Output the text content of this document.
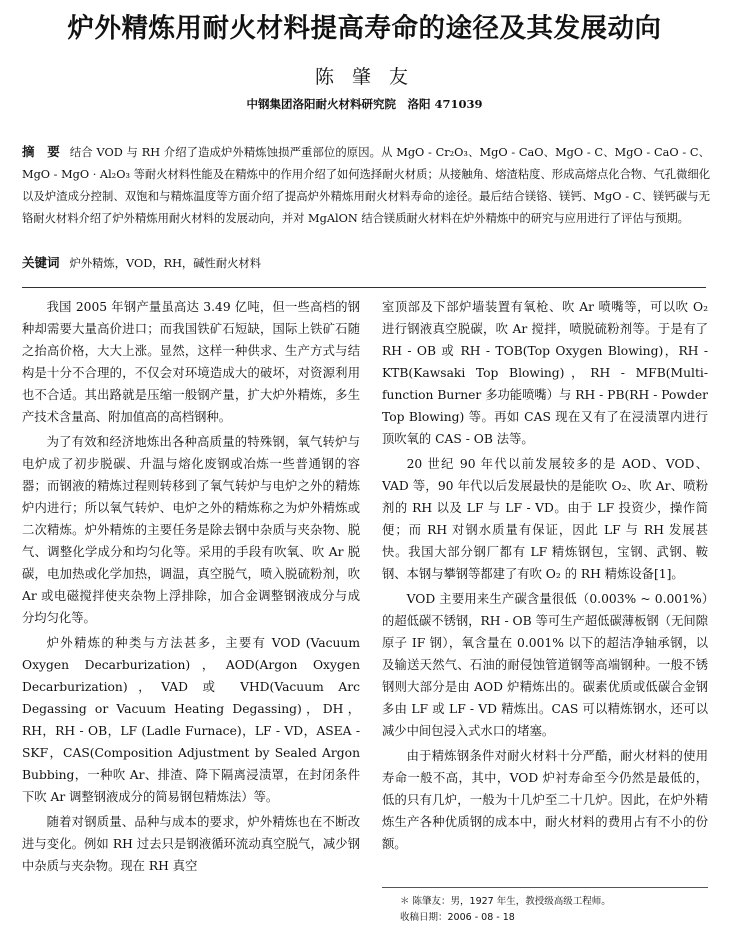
炉外精炼用耐火材料提高寿命的途径及其发展动向
陈 肇 友
中钢集团洛阳耐火材料研究院　洛阳 471039
摘　要 结合 VOD 与 RH 介绍了造成炉外精炼蚀损严重部位的原因。从 MgO - Cr₂O₃、MgO - CaO、MgO - C、MgO - CaO - C、MgO - MgO · Al₂O₃ 等耐火材料性能及在精炼中的作用介绍了如何选择耐火材质；从接触角、熔渣粘度、形成高熔点化合物、气孔微细化以及炉渣成分控制、双饱和与精炼温度等方面介绍了提高炉外精炼用耐火材料寿命的途径。最后结合镁铬、镁钙、MgO - C、镁钙碳与无铬耐火材料介绍了炉外精炼用耐火材料的发展动向，并对 MgAlON 结合镁质耐火材料在炉外精炼中的研究与应用进行了评估与预期。
关键词 炉外精炼，VOD，RH，碱性耐火材料

我国 2005 年钢产量虽高达 3.49 亿吨，但一些高档的钢种却需要大量高价进口；而我国铁矿石短缺，国际上铁矿石随之抬高价格，大大上涨。显然，这样一种供求、生产方式与结构是十分不合理的，不仅会对环境造成大的破坏，对资源利用也不合适。其出路就是压缩一般钢产量，扩大炉外精炼，多生产技术含量高、附加值高的高档钢种。

为了有效和经济地炼出各种高质量的特殊钢，氧气转炉与电炉成了初步脱碳、升温与熔化废钢或冶炼一些普通钢的容器；而钢液的精炼过程则转移到了氧气转炉与电炉之外的精炼炉内进行；所以氧气转炉、电炉之外的精炼称之为炉外精炼或二次精炼。炉外精炼的主要任务是除去钢中杂质与夹杂物、脱气、调整化学成分和均匀化等。采用的手段有吹氧、吹 Ar 脱碳，电加热或化学加热，调温，真空脱气，喷入脱硫粉剂，吹 Ar 或电磁搅拌使夹杂物上浮排除，加合金调整钢液成分与成分均匀化等。

炉外精炼的种类与方法甚多，主要有 VOD (Vacuum Oxygen Decarburization)，AOD(Argon Oxygen Decarburization)，VAD 或 VHD(Vacuum Arc Degassing or Vacuum Heating Degassing)，DH，RH，RH - OB，LF (Ladle Furnace)，LF - VD，ASEA - SKF，CAS(Composition Adjustment by Sealed Argon Bubbing，一种吹 Ar、排渣、降下隔离浸渍罩，在封闭条件下吹 Ar 调整钢液成分的简易钢包精炼法）等。

随着对钢质量、品种与成本的要求，炉外精炼也在不断改进与变化。例如 RH 过去只是钢液循环流动真空脱气，减少钢中杂质与夹杂物。现在 RH 真空

室顶部及下部炉墙装置有氧枪、吹 Ar 喷嘴等，可以吹 O₂ 进行钢液真空脱碳，吹 Ar 搅拌，喷脱硫粉剂等。于是有了 RH - OB 或 RH - TOB(Top Oxygen Blowing)，RH - KTB(Kawsaki Top Blowing)，RH - MFB(Multi-function Burner 多功能喷嘴）与 RH - PB(RH - Powder Top Blowing) 等。再如 CAS 现在又有了在浸渍罩内进行顶吹氧的 CAS - OB 法等。

20 世纪 90 年代以前发展较多的是 AOD、VOD、VAD 等，90 年代以后发展最快的是能吹 O₂、吹 Ar、喷粉剂的 RH 以及 LF 与 LF - VD。由于 LF 投资少，操作简便；而 RH 对钢水质量有保证，因此 LF 与 RH 发展甚快。我国大部分钢厂都有 LF 精炼钢包，宝钢、武钢、鞍钢、本钢与攀钢等都建了有吹 O₂ 的 RH 精炼设备[1]。

VOD 主要用来生产碳含量很低（0.003% ~ 0.001%）的超低碳不锈钢，RH - OB 等可生产超低碳薄板钢（无间隙原子 IF 钢），氧含量在 0.001% 以下的超洁净轴承钢，以及输送天然气、石油的耐侵蚀管道钢等高端钢种。一般不锈钢则大部分是由 AOD 炉精炼出的。碳素优质或低碳合金钢多由 LF 或 LF - VD 精炼出。CAS 可以精炼钢水，还可以减少中间包浸入式水口的堵塞。

由于精炼钢条件对耐火材料十分严酷，耐火材料的使用寿命一般不高，其中，VOD 炉衬寿命至今仍然是最低的，低的只有几炉，一般为十几炉至二十几炉。因此，在炉外精炼生产各种优质钢的成本中，耐火材料的费用占有不小的份额。

＊ 陈肇友：男，1927 年生，教授级高级工程师。
收稿日期：2006 - 08 - 18
